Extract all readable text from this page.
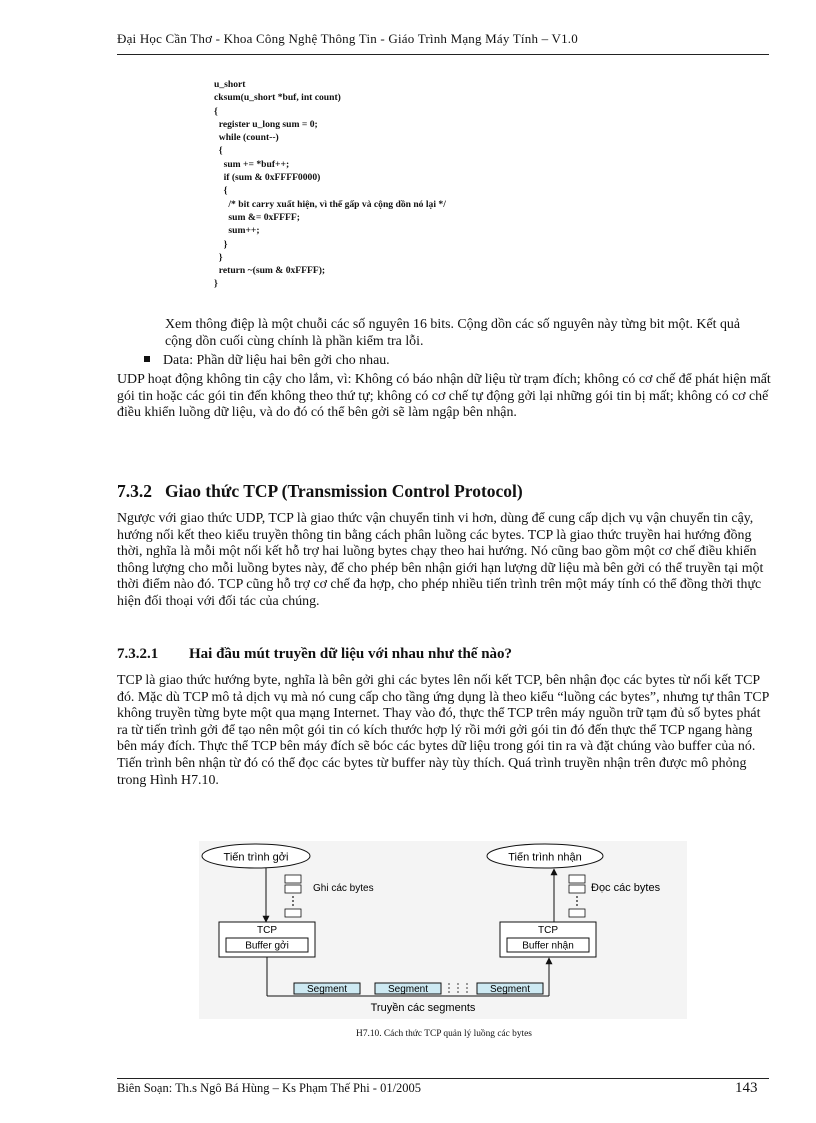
Đại Học Cần Thơ - Khoa Công Nghệ Thông Tin - Giáo Trình Mạng Máy Tính – V1.0
u_short
cksum(u_short *buf, int count)
{
register u_long sum = 0;
while (count--)
{
sum += *buf++;
if (sum & 0xFFFF0000)
{
/* bit carry xuất hiện, vì thế gấp và cộng dồn nó lại */
sum &= 0xFFFF;
sum++;
}
}
return ~(sum & 0xFFFF);
}

Xem thông điệp là một chuỗi các số nguyên 16 bits. Cộng dồn các số nguyên này từng bit một. Kết quả cộng dồn cuối cùng chính là phần kiểm tra lỗi.

Data: Phần dữ liệu hai bên gởi cho nhau.

UDP hoạt động không tin cậy cho lắm, vì: Không có báo nhận dữ liệu từ trạm đích; không có cơ chế để phát hiện mất gói tin hoặc các gói tin đến không theo thứ tự; không có cơ chế tự động gởi lại những gói tin bị mất; không có cơ chế điều khiển luồng dữ liệu, và do đó có thể bên gởi sẽ làm ngập bên nhận.

7.3.2 Giao thức TCP (Transmission Control Protocol)

Ngược với giao thức UDP, TCP là giao thức vận chuyển tinh vi hơn, dùng để cung cấp dịch vụ vận chuyển tin cậy, hướng nối kết theo kiểu truyền thông tin bằng cách phân luồng các bytes. TCP là giao thức truyền hai hướng đồng thời, nghĩa là mỗi một nối kết hỗ trợ hai luồng bytes chạy theo hai hướng. Nó cũng bao gồm một cơ chế điều khiển thông lượng cho mỗi luồng bytes này, để cho phép bên nhận giới hạn lượng dữ liệu mà bên gởi có thể truyền tại một thời điểm nào đó. TCP cũng hỗ trợ cơ chế đa hợp, cho phép nhiều tiến trình trên một máy tính có thể đồng thời thực hiện đối thoại với đối tác của chúng.

7.3.2.1 Hai đầu mút truyền dữ liệu với nhau như thế nào?

TCP là giao thức hướng byte, nghĩa là bên gởi ghi các bytes lên nối kết TCP, bên nhận đọc các bytes từ nối kết TCP đó. Mặc dù TCP mô tả dịch vụ mà nó cung cấp cho tầng ứng dụng là theo kiểu “luồng các bytes”, nhưng tự thân TCP không truyền từng byte một qua mạng Internet. Thay vào đó, thực thể TCP trên máy nguồn trữ tạm đủ số bytes phát ra từ tiến trình gởi để tạo nên một gói tin có kích thước hợp lý rồi mới gởi gói tin đó đến thực thể TCP ngang hàng bên máy đích. Thực thể TCP bên máy đích sẽ bóc các bytes dữ liệu trong gói tin ra và đặt chúng vào buffer của nó. Tiến trình bên nhận từ đó có thể đọc các bytes từ buffer này tùy thích. Quá trình truyền nhận trên được mô phỏng trong Hình H7.10.

Tiến trình gởi	Tiến trình nhận
Ghi các bytes
TCP
Buffer gởi
Đọc các bytes
TCP
Buffer nhận
Segment	Segment	Segment
Truyền các segments
H7.10. Cách thức TCP quản lý luồng các bytes
Biên Soạn: Th.s Ngô Bá Hùng – Ks Phạm Thế Phi - 01/2005	143
